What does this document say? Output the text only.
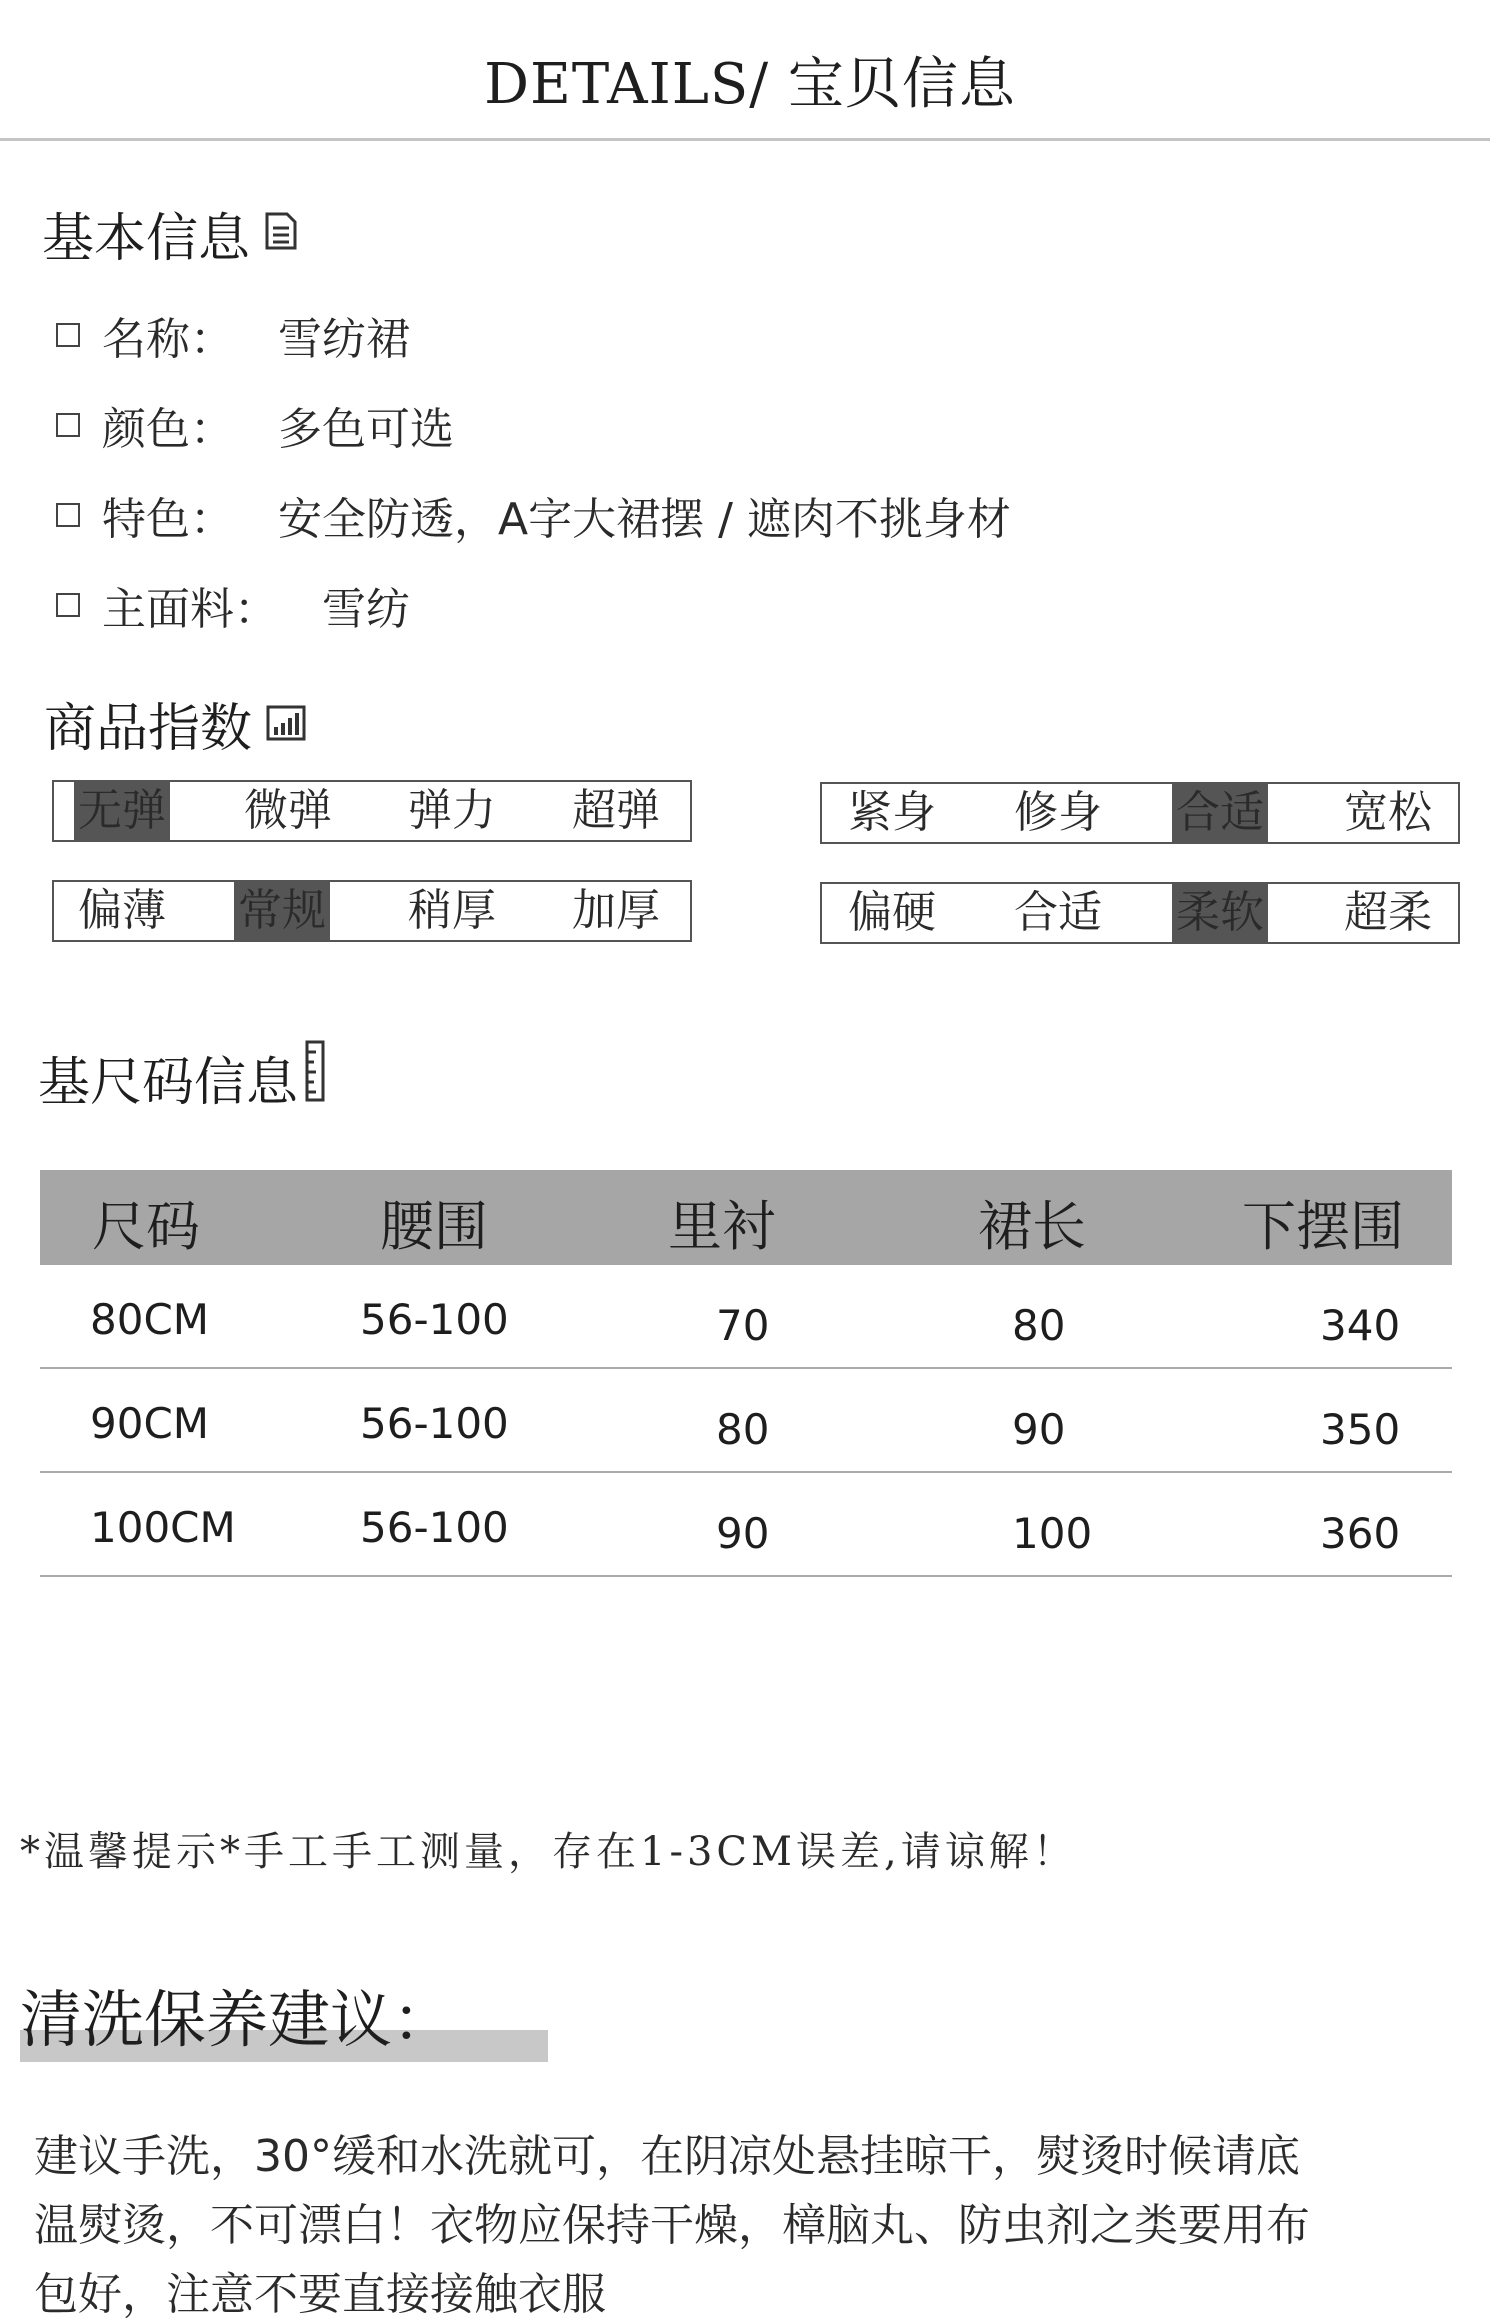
DETAILS/ 宝贝信息
基本信息
名称： 雪纺裙
颜色： 多色可选
特色： 安全防透，A字大裙摆 / 遮肉不挑身材
主面料： 雪纺
商品指数
无弹 微弹 弹力 超弹	紧身 修身 合适 宽松
偏薄 常规 稍厚 加厚	偏硬 合适 柔软 超柔
基尺码信息
尺码	腰围	里衬	裙长	下摆围
80CM	56-100	70	80	340
90CM	56-100	80	90	350
100CM	56-100	90	100	360
*温馨提示*手工手工测量，存在1-3CM误差,请谅解！
清洗保养建议：
建议手洗，30°缓和水洗就可，在阴凉处悬挂晾干，熨烫时候请底
温熨烫，不可漂白！衣物应保持干燥，樟脑丸、防虫剂之类要用布
包好，注意不要直接接触衣服
